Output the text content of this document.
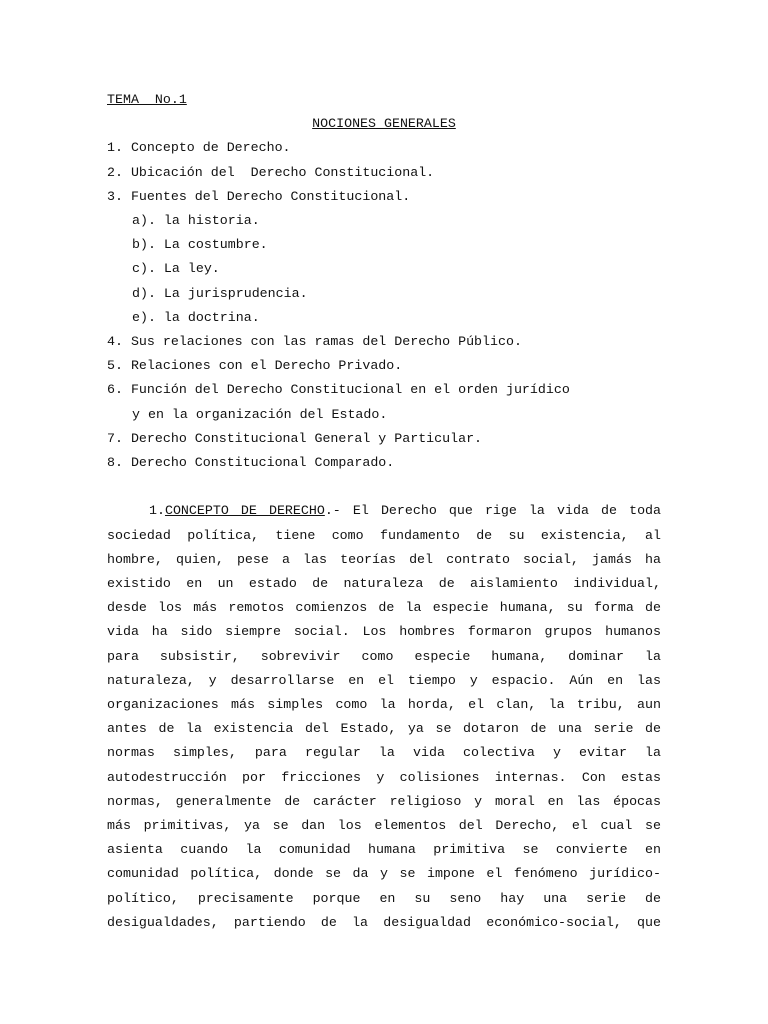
TEMA  No.1
NOCIONES GENERALES
1. Concepto de Derecho.
2. Ubicación del  Derecho Constitucional.
3. Fuentes del Derecho Constitucional.
a). la historia.
b). La costumbre.
c). La ley.
d). La jurisprudencia.
e). la doctrina.
4. Sus relaciones con las ramas del Derecho Público.
5. Relaciones con el Derecho Privado.
6. Función del Derecho Constitucional en el orden jurídico
y en la organización del Estado.
7. Derecho Constitucional General y Particular.
8. Derecho Constitucional Comparado.
1.CONCEPTO DE DERECHO.- El Derecho que rige la vida de toda
sociedad política, tiene como fundamento de su existencia, al
hombre, quien, pese a las teorías del contrato social, jamás ha
existido en un estado de naturaleza de aislamiento individual,
desde los más remotos comienzos de la especie humana, su forma de
vida ha sido siempre social. Los hombres formaron grupos humanos
para subsistir, sobrevivir como especie humana, dominar la
naturaleza, y desarrollarse en el tiempo y espacio. Aún en las
organizaciones más simples como la horda, el clan, la tribu, aun
antes de la existencia del Estado, ya se dotaron de una serie de
normas simples, para regular la vida colectiva y evitar la
autodestrucción por fricciones y colisiones internas. Con estas
normas, generalmente de carácter religioso y moral en las épocas
más primitivas, ya se dan los elementos del Derecho, el cual se
asienta cuando la comunidad humana primitiva se convierte en
comunidad política, donde se da y se impone el fenómeno jurídico-
político, precisamente porque en su seno hay una serie de
desigualdades, partiendo de la desigualdad económico-social, que
